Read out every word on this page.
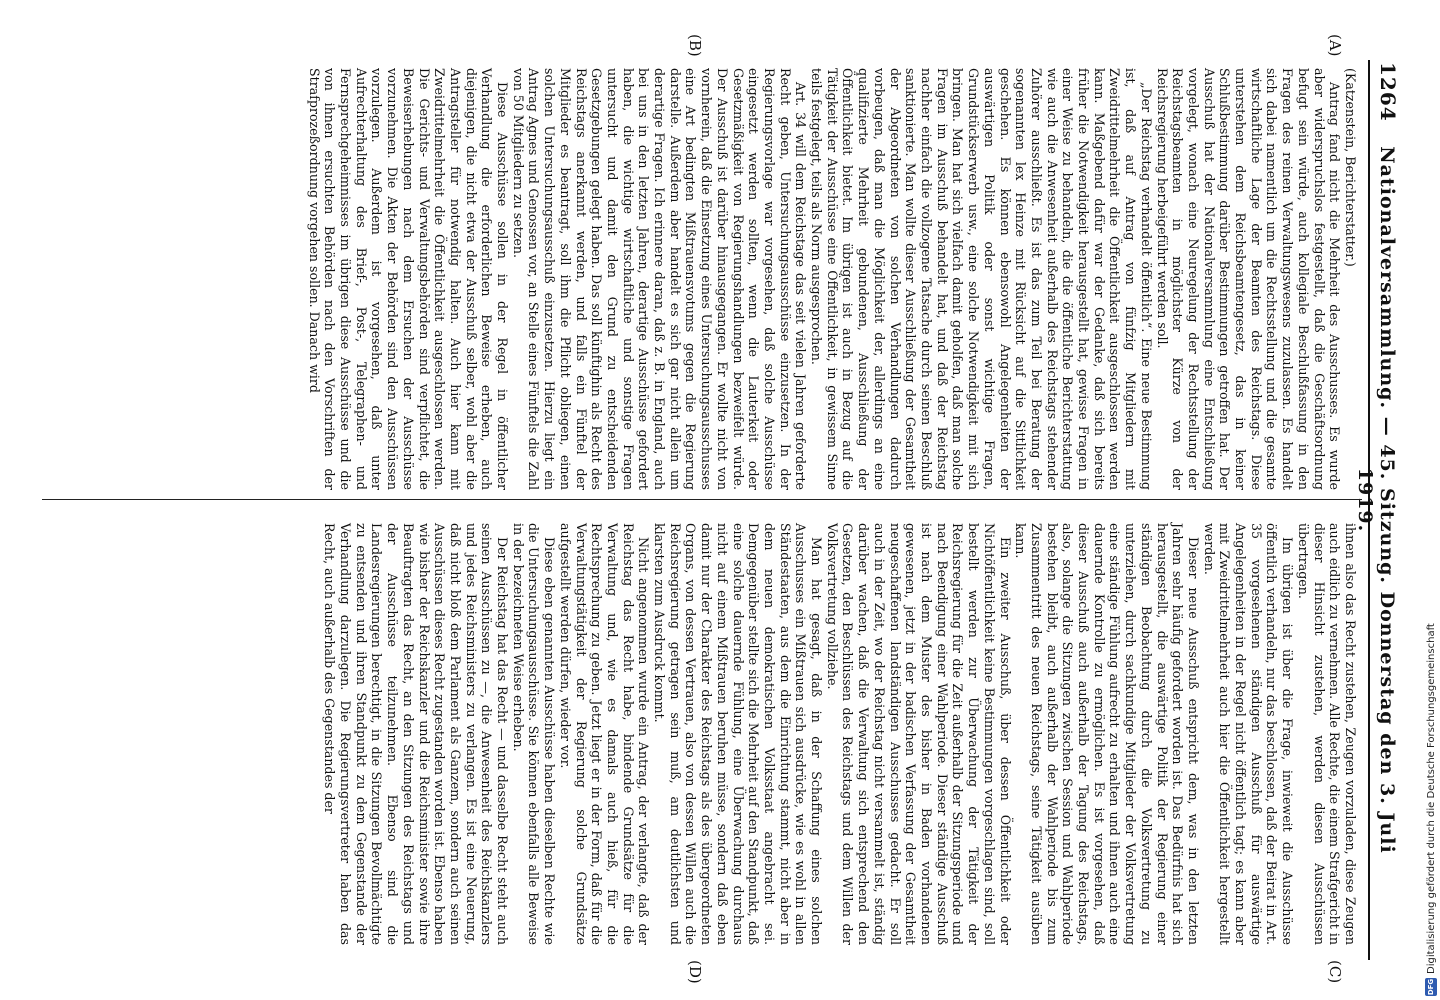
1264
Nationalversammlung. — 45. Sitzung. Donnerstag den 3. Juli 1919.
(A)
(B)
(C)
(D)

(Katzenstein, Berichterstatter.)

Antrag fand nicht die Mehrheit des Ausschusses. Es wurde aber widerspruchslos festgestellt, daß die Geschäftsordnung befugt sein würde, auch kollegiale Beschlußfassung in den Fragen des reinen Verwaltungswesens zuzulassen. Es handelt sich dabei namentlich um die Rechtsstellung und die gesamte wirtschaftliche Lage der Beamten des Reichstags. Diese unterstehen dem Reichsbeamtengesetz, das in keiner Schlußbestimmung darüber Bestimmungen getroffen hat. Der Ausschuß hat der Nationalversammlung eine Entschließung vorgelegt, wonach eine Neuregelung der Rechtsstellung der Reichstagsbeamten in möglichster Kürze von der Reichsregierung herbeigeführt werden soll.

„Der Reichstag verhandelt öffentlich“. Eine neue Bestimmung ist, daß auf Antrag von fünfzig Mitgliedern mit Zweidrittelmehrheit die Öffentlichkeit ausgeschlossen werden kann. Maßgebend dafür war der Gedanke, daß sich bereits früher die Notwendigkeit herausgestellt hat, gewisse Fragen in einer Weise zu behandeln, die die öffentliche Berichterstattung wie auch die Anwesenheit außerhalb des Reichstags stehender Zuhörer ausschließt. Es ist das zum Teil bei Beratung der sogenannten lex Heinze mit Rücksicht auf die Sittlichkeit geschehen. Es können ebensowohl Angelegenheiten der auswärtigen Politik oder sonst wichtige Fragen, Grundstückserwerb usw., eine solche Notwendigkeit mit sich bringen. Man hat sich vielfach damit geholfen, daß man solche Fragen im Ausschuß behandelt hat, und daß der Reichstag nachher einfach die vollzogene Tatsache durch seinen Beschluß sanktionierte. Man wollte dieser Ausschließung der Gesamtheit der Abgeordneten von solchen Verhandlungen dadurch vorbeugen, daß man die Möglichkeit der, allerdings an eine qualifizierte Mehrheit gebundenen, Ausschließung der Öffentlichkeit bietet. Im übrigen ist auch in Bezug auf die Tätigkeit der Ausschüsse eine Öffentlichkeit, in gewissem Sinne teils festgelegt, teils als Norm ausgesprochen.

Art. 34 will dem Reichstage das seit vielen Jahren geforderte Recht geben, Untersuchungsausschüsse einzusetzen. In der Regierungsvorlage war vorgesehen, daß solche Ausschüsse eingesetzt werden sollten, wenn die Lauterkeit oder Gesetzmäßigkeit von Regierungshandlungen bezweifelt würde. Der Ausschuß ist darüber hinausgegangen. Er wollte nicht von vornherein, daß die Einsetzung eines Untersuchungsausschusses eine Art bedingten Mißtrauensvotums gegen die Regierung darstelle. Außerdem aber handelt es sich gar nicht allein um derartige Fragen. Ich erinnere daran, daß z. B. in England, auch bei uns in den letzten Jahren, derartige Ausschüsse gefordert haben, die wichtige wirtschaftliche und sonstige Fragen untersucht und damit den Grund zu entscheidenden Gesetzgebungen gelegt haben. Das soll künftighin als Recht des Reichstags anerkannt werden, und falls ein Fünftel der Mitglieder es beantragt, soll ihm die Pflicht obliegen, einen solchen Untersuchungsausschuß einzusetzen. Hierzu liegt ein Antrag Agnes und Genossen vor, an Stelle eines Fünftels die Zahl von 50 Mitgliedern zu setzen.

Diese Ausschüsse sollen in der Regel in öffentlicher Verhandlung die erforderlichen Beweise erheben, auch diejenigen, die nicht etwa der Ausschuß selber, wohl aber die Antragsteller für notwendig halten. Auch hier kann mit Zweidrittelmehrheit die Öffentlichkeit ausgeschlossen werden. Die Gerichts- und Verwaltungsbehörden sind verpflichtet, die Beweiserhebungen nach dem Ersuchen der Ausschüsse vorzunehmen. Die Akten der Behörden sind den Ausschüssen vorzulegen. Außerdem ist vorgesehen, daß unter Aufrechterhaltung des Brief-, Post-, Telegraphen- und Fernsprechgeheimnisses im übrigen diese Ausschüsse und die von ihnen ersuchten Behörden nach den Vorschriften der Strafprozeßordnung vorgehen sollen. Danach wird

ihnen also das Recht zustehen, Zeugen vorzuladen, diese Zeugen auch eidlich zu vernehmen. Alle Rechte, die einem Strafgericht in dieser Hinsicht zustehen, werden diesen Ausschüssen übertragen.

Im übrigen ist über die Frage, inwieweit die Ausschüsse öffentlich verhandeln, nur das beschlossen, daß der Beirat in Art. 35 vorgesehenen ständigen Ausschuß für auswärtige Angelegenheiten in der Regel nicht öffentlich tagt; es kann aber mit Zweidrittelmehrheit auch hier die Öffentlichkeit hergestellt werden.

Dieser neue Ausschuß entspricht dem, was in den letzten Jahren sehr häufig gefordert worden ist. Das Bedürfnis hat sich herausgestellt, die auswärtige Politik der Regierung einer ständigen Beobachtung durch die Volksvertretung zu unterziehen, durch sachkundige Mitglieder der Volksvertretung eine ständige Fühlung aufrecht zu erhalten und ihnen auch eine dauernde Kontrolle zu ermöglichen. Es ist vorgesehen, daß dieser Ausschuß auch außerhalb der Tagung des Reichstags, also, solange die Sitzungen zwischen Session und Wahlperiode bestehen bleibt, auch außerhalb der Wahlperiode bis zum Zusammentritt des neuen Reichstags, seine Tätigkeit ausüben kann.

Ein zweiter Ausschuß, über dessen Öffentlichkeit oder Nichtöffentlichkeit keine Bestimmungen vorgeschlagen sind, soll bestellt werden zur Überwachung der Tätigkeit der Reichsregierung für die Zeit außerhalb der Sitzungsperiode und nach Beendigung einer Wahlperiode. Dieser ständige Ausschuß ist nach dem Muster des bisher in Baden vorhandenen gewesenen, jetzt in der badischen Verfassung der Gesamtheit neugeschaffenen landständigen Ausschusses gedacht. Er soll auch in der Zeit, wo der Reichstag nicht versammelt ist, ständig darüber wachen, daß die Verwaltung sich entsprechend den Gesetzen, den Beschlüssen des Reichstags und dem Willen der Volksvertretung vollziehe.

Man hat gesagt, daß in der Schaffung eines solchen Ausschusses ein Mißtrauen sich ausdrücke, wie es wohl in allen Ständestaaten, aus dem die Einrichtung stammt, nicht aber in dem neuen demokratischen Volksstaat angebracht sei. Demgegenüber stellte sich die Mehrheit auf den Standpunkt, daß eine solche dauernde Fühlung, eine Überwachung durchaus nicht auf einem Mißtrauen beruhen müsse, sondern daß eben damit nur der Charakter des Reichstags als des übergeordneten Organs, von dessen Vertrauen, also von dessen Willen auch die Reichsregierung getragen sein muß, am deutlichsten und klarsten zum Ausdruck kommt.

Nicht angenommen wurde ein Antrag, der verlangte, daß der Reichstag das Recht habe, bindende Grundsätze für die Verwaltung und, wie es damals auch hieß, für die Rechtsprechung zu geben. Jetzt liegt er in der Form, daß für die Verwaltungstätigkeit der Regierung solche Grundsätze aufgestellt werden dürfen, wieder vor.

Diese eben genannten Ausschüsse haben dieselben Rechte wie die Untersuchungsausschüsse. Sie können ebenfalls alle Beweise in der bezeichneten Weise erheben.

Der Reichstag hat das Recht — und dasselbe Recht steht auch seinen Ausschüssen zu —, die Anwesenheit des Reichskanzlers und jedes Reichsministers zu verlangen. Es ist eine Neuerung, daß nicht bloß dem Parlament als Ganzem, sondern auch seinen Ausschüssen dieses Recht zugestanden worden ist. Ebenso haben wie bisher der Reichskanzler und die Reichsminister sowie ihre Beauftragten das Recht, an den Sitzungen des Reichstags und der Ausschüsse teilzunehmen. Ebenso sind die Landesregierungen berechtigt, in die Sitzungen Bevollmächtigte zu entsenden und ihren Standpunkt zu dem Gegenstande der Verhandlung darzulegen. Die Regierungsvertreter haben das Recht, auch außerhalb des Gegenstandes der

DFG
Digitalisierung gefördert durch die Deutsche Forschungsgemeinschaft
